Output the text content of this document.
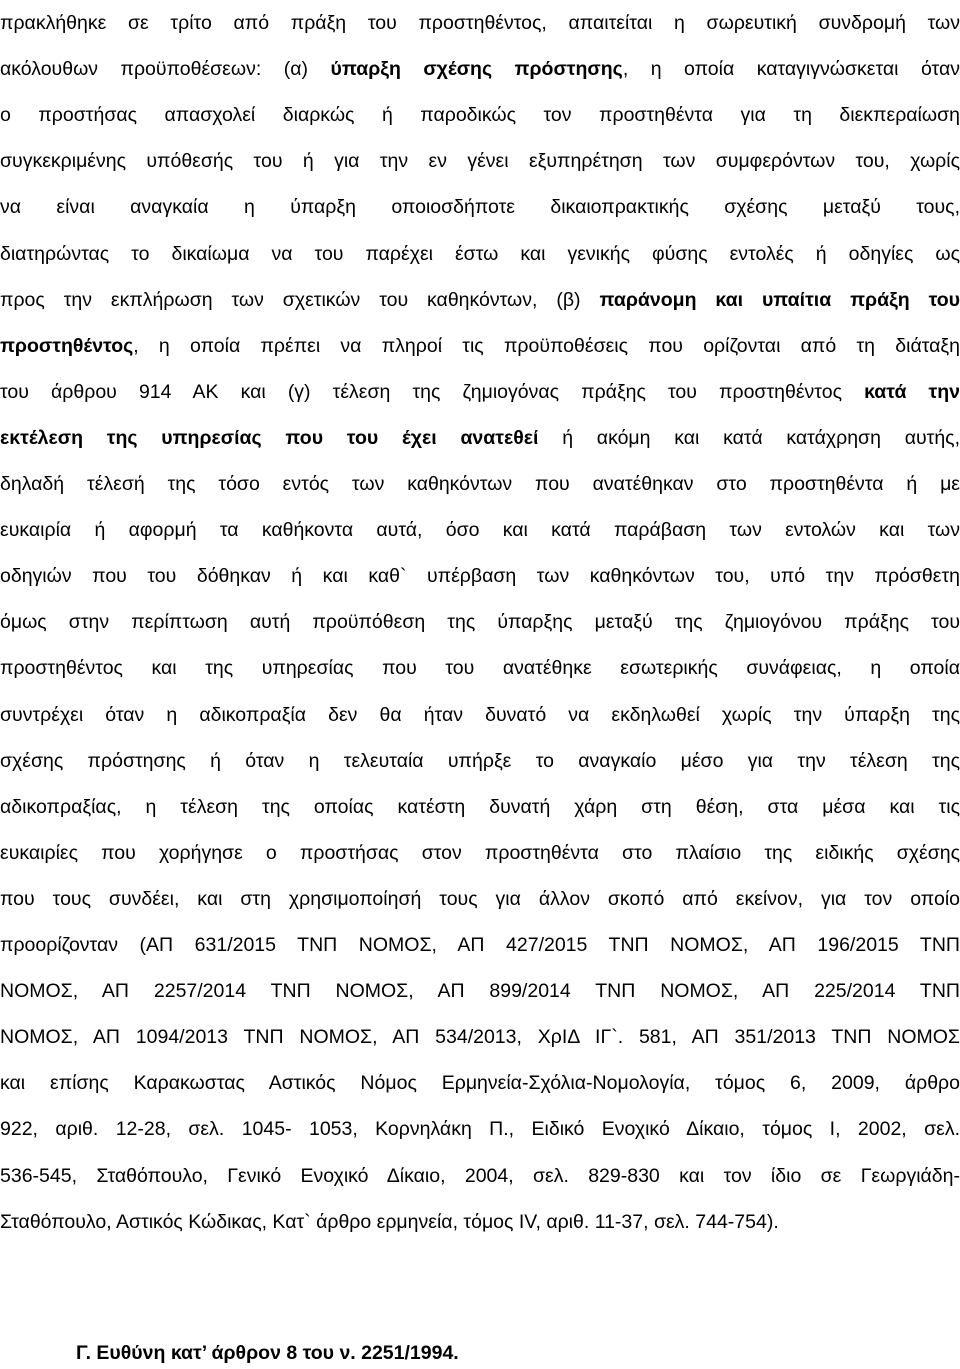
πρακλήθηκε σε τρίτο από πράξη του προστηθέντος, απαιτείται η σωρευτική συνδρομή των
ακόλουθων προϋποθέσεων: (α) ύπαρξη σχέσης πρόστησης, η οποία καταγιγνώσκεται όταν
ο προστήσας απασχολεί διαρκώς ή παροδικώς τον προστηθέντα για τη διεκπεραίωση
συγκεκριμένης υπόθεσής του ή για την εν γένει εξυπηρέτηση των συμφερόντων του, χωρίς
να είναι αναγκαία η ύπαρξη οποιοσδήποτε δικαιοπρακτικής σχέσης μεταξύ τους,
διατηρώντας το δικαίωμα να του παρέχει έστω και γενικής φύσης εντολές ή οδηγίες ως
προς την εκπλήρωση των σχετικών του καθηκόντων, (β) παράνομη και υπαίτια πράξη του
προστηθέντος, η οποία πρέπει να πληροί τις προϋποθέσεις που ορίζονται από τη διάταξη
του άρθρου 914 ΑΚ και (γ) τέλεση της ζημιογόνας πράξης του προστηθέντος κατά την
εκτέλεση της υπηρεσίας που του έχει ανατεθεί ή ακόμη και κατά κατάχρηση αυτής,
δηλαδή τέλεσή της τόσο εντός των καθηκόντων που ανατέθηκαν στο προστηθέντα ή με
ευκαιρία ή αφορμή τα καθήκοντα αυτά, όσο και κατά παράβαση των εντολών και των
οδηγιών που του δόθηκαν ή και καθ` υπέρβαση των καθηκόντων του, υπό την πρόσθετη
όμως στην περίπτωση αυτή προϋπόθεση της ύπαρξης μεταξύ της ζημιογόνου πράξης του
προστηθέντος και της υπηρεσίας που του ανατέθηκε εσωτερικής συνάφειας, η οποία
συντρέχει όταν η αδικοπραξία δεν θα ήταν δυνατό να εκδηλωθεί χωρίς την ύπαρξη της
σχέσης πρόστησης ή όταν η τελευταία υπήρξε το αναγκαίο μέσο για την τέλεση της
αδικοπραξίας, η τέλεση της οποίας κατέστη δυνατή χάρη στη θέση, στα μέσα και τις
ευκαιρίες που χορήγησε ο προστήσας στον προστηθέντα στο πλαίσιο της ειδικής σχέσης
που τους συνδέει, και στη χρησιμοποίησή τους για άλλον σκοπό από εκείνον, για τον οποίο
προορίζονταν (ΑΠ 631/2015 ΤΝΠ ΝΟΜΟΣ, ΑΠ 427/2015 ΤΝΠ ΝΟΜΟΣ, ΑΠ 196/2015 ΤΝΠ
ΝΟΜΟΣ, ΑΠ 2257/2014 ΤΝΠ ΝΟΜΟΣ, ΑΠ 899/2014 ΤΝΠ ΝΟΜΟΣ, ΑΠ 225/2014 ΤΝΠ
ΝΟΜΟΣ, ΑΠ 1094/2013 ΤΝΠ ΝΟΜΟΣ, ΑΠ 534/2013, ΧρΙΔ ΙΓ`. 581, ΑΠ 351/2013 ΤΝΠ ΝΟΜΟΣ
και επίσης Καρακωστας Αστικός Νόμος Ερμηνεία-Σχόλια-Νομολογία, τόμος 6, 2009, άρθρο
922, αριθ. 12-28, σελ. 1045- 1053, Κορνηλάκη Π., Ειδικό Ενοχικό Δίκαιο, τόμος Ι, 2002, σελ.
536-545, Σταθόπουλο, Γενικό Ενοχικό Δίκαιο, 2004, σελ. 829-830 και τον ίδιο σε Γεωργιάδη-
Σταθόπουλο, Αστικός Κώδικας, Κατ` άρθρο ερμηνεία, τόμος IV, αριθ. 11-37, σελ. 744-754).
Γ. Ευθύνη κατ’ άρθρον 8 του ν. 2251/1994.
